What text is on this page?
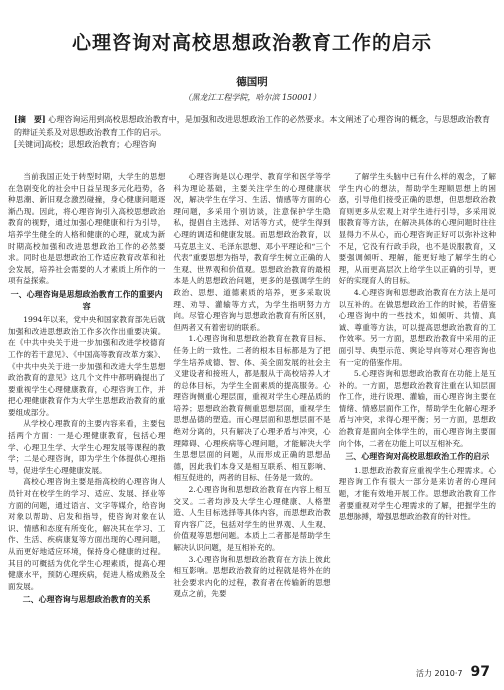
心理咨询对高校思想政治教育工作的启示
德国明
（黑龙江工程学院，哈尔滨 150001）
[摘　要] 心理咨询运用到高校思想政治教育中，是加强和改进思想政治工作的必然要求。本文阐述了心理咨询的概念，与思想政治教育的辩证关系及对思想政治教育工作的启示。
[关键词]高校；思想政治教育；心理咨询

当前我国正处于转型时期，大学生的思想在急剧变化的社会中日益呈现多元化趋势，各种思潮、新旧观念激烈碰撞，身心健康问题逐渐凸现。因此，将心理咨询引入高校思想政治教育的视野，通过加强心理健康和行为引导，培养学生健全的人格和健康的心理，就成为新时期高校加强和改进思想政治工作的必然要求。同时也是思想政治工作适应教育改革和社会发展，培养社会需要的人才素质上所作的一项有益探索。

一、心理咨询是思想政治教育工作的重要内容

1994年以来，党中央和国家教育部先后就加强和改进思想政治工作多次作出重要决策。在《中共中央关于进一步加强和改进学校德育工作的若干意见》、《中国高等教育改革方案》、《中共中央关于进一步加强和改进大学生思想政治教育的意见》这几个文件中都明确提出了要重视学生心理健康教育，心理咨询工作，并把心理健康教育作为大学生思想政治教育的重要组成部分。

从学校心理教育的主要内容来看，主要包括两个方面：一是心理健康教育，包括心理学、心理卫生学、大学生心理发展等课程的教学；二是心理咨询，即为学生个体提供心理指导，促进学生心理健康发展。

高校心理咨询主要是指高校的心理咨询人员针对在校学生的学习、适应、发展、择业等方面的问题，通过语言、文字等媒介，给咨询对象以帮助、启发和指导，使咨询对象在认识、情感和态度有所变化，解决其在学习、工作、生活、疾病康复等方面出现的心理问题，从而更好地适应环境，保持身心健康的过程。其目的可概括为优化学生心理素质，提高心理健康水平，预防心理疾病，促进人格成熟及全面发展。

二、心理咨询与思想政治教育的关系

心理咨询是以心理学、教育学和医学等学科为理论基础，主要关注学生的心理健康状况，解决学生在学习、生活、情感等方面的心理问题，多采用个别访谈，注意保护学生隐私，提倡自主选择、对话等方式，使学生得到心理的调适和健康发展。而思想政治教育，以马克思主义、毛泽东思想、邓小平理论和“三个代表”重要思想为指导，教育学生树立正确的人生观、世界观和价值观。思想政治教育的最根本是人的思想政治问题，更多的是强调学生的政治、思想、道德素质的培养，更多采取说理、劝导、灌输等方式，为学生指明努力方向。尽管心理咨询与思想政治教育有所区别，但两者又有着密切的联系。

1.心理咨询和思想政治教育在教育目标、任务上的一致性。二者的根本目标都是为了把学生培养成德、智、体、美全面发展的社会主义建设者和接班人，都是服从于高校培养人才的总体目标，为学生全面素质的提高服务。心理咨询侧重心理层面，重视对学生心理品质的培养；思想政治教育侧重思想层面，重视学生思想品德的塑造。而心理层面和思想层面不是绝对分离的，只有解决了心理矛盾与冲突，心理障碍、心理疾病等心理问题，才能解决大学生思想层面的问题，从而形成正确的思想品德，因此我们本身又是相互联系、相互影响、相互促进的，两者的目标、任务是一致的。

2.心理咨询和思想政治教育在内容上相互交叉。二者均涉及大学生心理健康、人格塑造、人生目标选择等具体内容，而思想政治教育内容广泛，包括对学生的世界观、人生观、价值观等思想问题。本质上二者都是帮助学生解决认识问题，是互相补充的。

3.心理咨询和思想政治教育在方法上彼此相互影响。思想政治教育的过程就是将外在的社会要求内化的过程，教育者在传输新的思想观点之前，先要

了解学生头脑中已有什么样的观念，了解学生内心的想法，帮助学生理顺思想上的困惑，引导他们接受正确的思想，但思想政治教育则更多从宏观上对学生进行引导，多采用说服教育等方法，在解决具体的心理问题时往往显得力不从心，而心理咨询正好可以弥补这种不足，它没有行政手段，也不是说服教育，又要强调倾听、理解，能更好地了解学生的心理，从而更高层次上给学生以正确的引导，更好的实现育人的目标。

4.心理咨询和思想政治教育在方法上是可以互补的。在做思想政治工作的时候，若借鉴心理咨询中的一些技术，如倾听、共情、真诚、尊重等方法，可以提高思想政治教育的工作效率。另一方面，思想政治教育中采用的正面引导、典型示范、舆论导向等对心理咨询也有一定的借鉴作用。

5.心理咨询和思想政治教育在功能上是互补的。一方面，思想政治教育注重在认知层面作工作，进行说理、灌输，而心理咨询主要在情绪、情感层面作工作，帮助学生化解心理矛盾与冲突，求得心理平衡；另一方面，思想政治教育是面向全体学生的，而心理咨询主要面向个体，二者在功能上可以互相补充。

三、心理咨询对高校思想政治工作的启示

1.思想政治教育应重视学生心理需求。心理咨询工作有很大一部分是来访者的心理问题，才能有效地开展工作。思想政治教育工作者要重视对学生心理需求的了解，把握学生的思想脉搏，增强思想政治教育的针对性。

活力 2010·7 97
